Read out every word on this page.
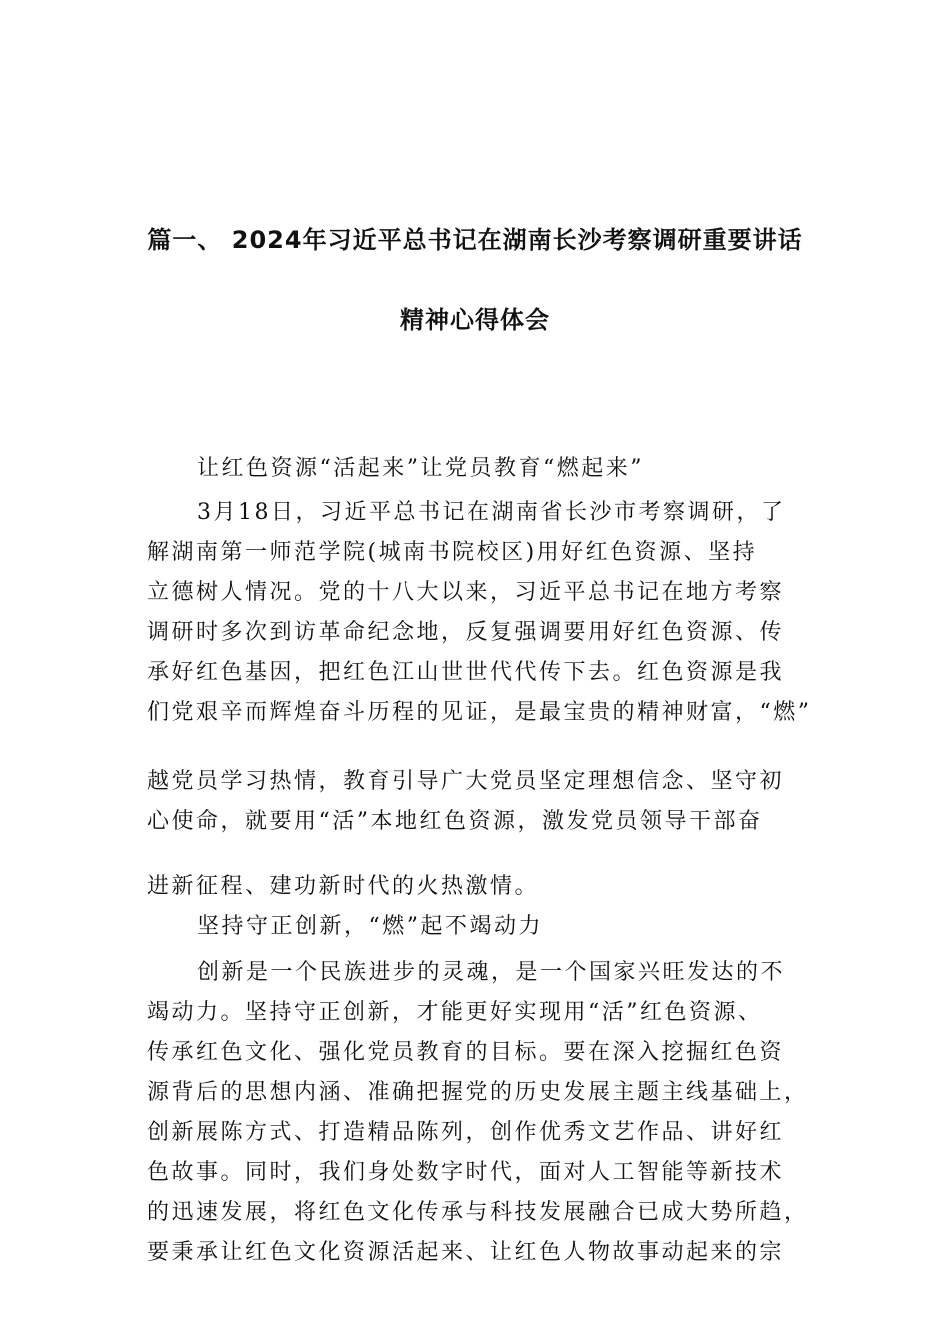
篇一、 2024年习近平总书记在湖南长沙考察调研重要讲话
精神心得体会
让红色资源“活起来”让党员教育“燃起来”
3月18日，习近平总书记在湖南省长沙市考察调研，了
解湖南第一师范学院(城南书院校区)用好红色资源、坚持
立德树人情况。党的十八大以来，习近平总书记在地方考察
调研时多次到访革命纪念地，反复强调要用好红色资源、传
承好红色基因，把红色江山世世代代传下去。红色资源是我
们党艰辛而辉煌奋斗历程的见证，是最宝贵的精神财富，“燃”
越党员学习热情，教育引导广大党员坚定理想信念、坚守初
心使命，就要用“活”本地红色资源，激发党员领导干部奋
进新征程、建功新时代的火热激情。
坚持守正创新，“燃”起不竭动力
创新是一个民族进步的灵魂，是一个国家兴旺发达的不
竭动力。坚持守正创新，才能更好实现用“活”红色资源、
传承红色文化、强化党员教育的目标。要在深入挖掘红色资
源背后的思想内涵、准确把握党的历史发展主题主线基础上，
创新展陈方式、打造精品陈列，创作优秀文艺作品、讲好红
色故事。同时，我们身处数字时代，面对人工智能等新技术
的迅速发展，将红色文化传承与科技发展融合已成大势所趋，
要秉承让红色文化资源活起来、让红色人物故事动起来的宗
